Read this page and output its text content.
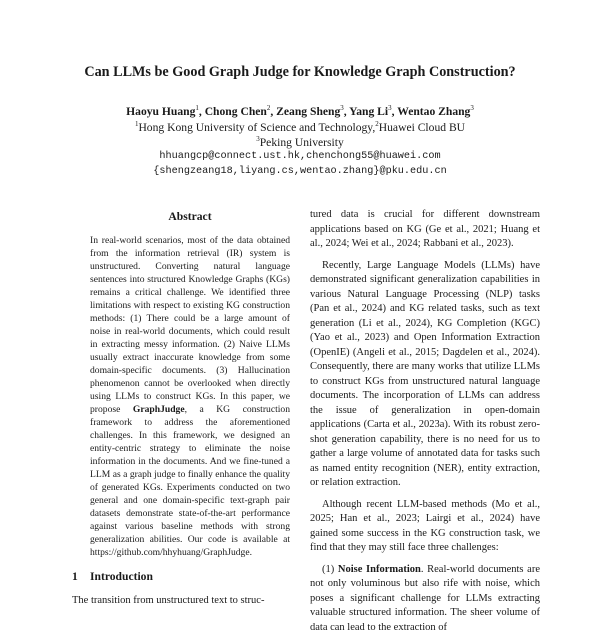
Can LLMs be Good Graph Judge for Knowledge Graph Construction?
Haoyu Huang$^1$, Chong Chen$^2$, Zeang Sheng$^3$, Yang Li$^3$, Wentao Zhang$^3$
$^1$Hong Kong University of Science and Technology,$^2$Huawei Cloud BU
$^3$Peking University
hhuangcp@connect.ust.hk,chenchong55@huawei.com
{shengzeang18,liyang.cs,wentao.zhang}@pku.edu.cn
Abstract
In real-world scenarios, most of the data obtained from the information retrieval (IR) system is unstructured. Converting natural language sentences into structured Knowledge Graphs (KGs) remains a critical challenge. We identified three limitations with respect to existing KG construction methods: (1) There could be a large amount of noise in real-world documents, which could result in extracting messy information. (2) Naive LLMs usually extract inaccurate knowledge from some domain-specific documents. (3) Hallucination phenomenon cannot be overlooked when directly using LLMs to construct KGs. In this paper, we propose GraphJudge, a KG construction framework to address the aforementioned challenges. In this framework, we designed an entity-centric strategy to eliminate the noise information in the documents. And we fine-tuned a LLM as a graph judge to finally enhance the quality of generated KGs. Experiments conducted on two general and one domain-specific text-graph pair datasets demonstrate state-of-the-art performance against various baseline methods with strong generalization abilities. Our code is available at https://github.com/hhyhuang/GraphJudge.
1 Introduction
The transition from unstructured text to struc-

tured data is crucial for different downstream applications based on KG (Ge et al., 2021; Huang et al., 2024; Wei et al., 2024; Rabbani et al., 2023).

Recently, Large Language Models (LLMs) have demonstrated significant generalization capabilities in various Natural Language Processing (NLP) tasks (Pan et al., 2024) and KG related tasks, such as text generation (Li et al., 2024), KG Completion (KGC) (Yao et al., 2023) and Open Information Extraction (OpenIE) (Angeli et al., 2015; Dagdelen et al., 2024). Consequently, there are many works that utilize LLMs to construct KGs from unstructured natural language documents. The incorporation of LLMs can address the issue of generalization in open-domain applications (Carta et al., 2023a). With its robust zero-shot generation capability, there is no need for us to gather a large volume of annotated data for tasks such as named entity recognition (NER), entity extraction, or relation extraction.

Although recent LLM-based methods (Mo et al., 2025; Han et al., 2023; Lairgi et al., 2024) have gained some success in the KG construction task, we find that they may still face three challenges:

(1) Noise Information. Real-world documents are not only voluminous but also rife with noise, which poses a significant challenge for LLMs extracting valuable structured information. The sheer volume of data can lead to the extraction of
